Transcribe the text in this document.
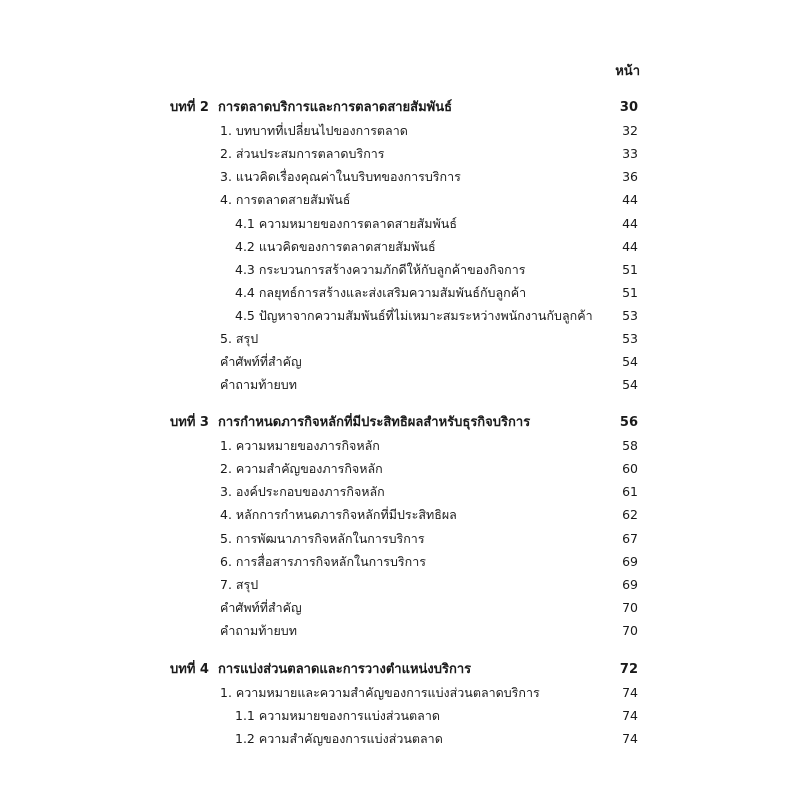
หน้า
บทที่ 2 การตลาดบริการและการตลาดสายสัมพันธ์	30
1. บทบาทที่เปลี่ยนไปของการตลาด	32
2. ส่วนประสมการตลาดบริการ	33
3. แนวคิดเรื่องคุณค่าในบริบทของการบริการ	36
4. การตลาดสายสัมพันธ์	44
4.1 ความหมายของการตลาดสายสัมพันธ์	44
4.2 แนวคิดของการตลาดสายสัมพันธ์	44
4.3 กระบวนการสร้างความภักดีให้กับลูกค้าของกิจการ	51
4.4 กลยุทธ์การสร้างและส่งเสริมความสัมพันธ์กับลูกค้า	51
4.5 ปัญหาจากความสัมพันธ์ที่ไม่เหมาะสมระหว่างพนักงานกับลูกค้า	53
5. สรุป	53
คำศัพท์ที่สำคัญ	54
คำถามท้ายบท	54
บทที่ 3 การกำหนดภารกิจหลักที่มีประสิทธิผลสำหรับธุรกิจบริการ	56
1. ความหมายของภารกิจหลัก	58
2. ความสำคัญของภารกิจหลัก	60
3. องค์ประกอบของภารกิจหลัก	61
4. หลักการกำหนดภารกิจหลักที่มีประสิทธิผล	62
5. การพัฒนาภารกิจหลักในการบริการ	67
6. การสื่อสารภารกิจหลักในการบริการ	69
7. สรุป	69
คำศัพท์ที่สำคัญ	70
คำถามท้ายบท	70
บทที่ 4 การแบ่งส่วนตลาดและการวางตำแหน่งบริการ	72
1. ความหมายและความสำคัญของการแบ่งส่วนตลาดบริการ	74
1.1 ความหมายของการแบ่งส่วนตลาด	74
1.2 ความสำคัญของการแบ่งส่วนตลาด	74
